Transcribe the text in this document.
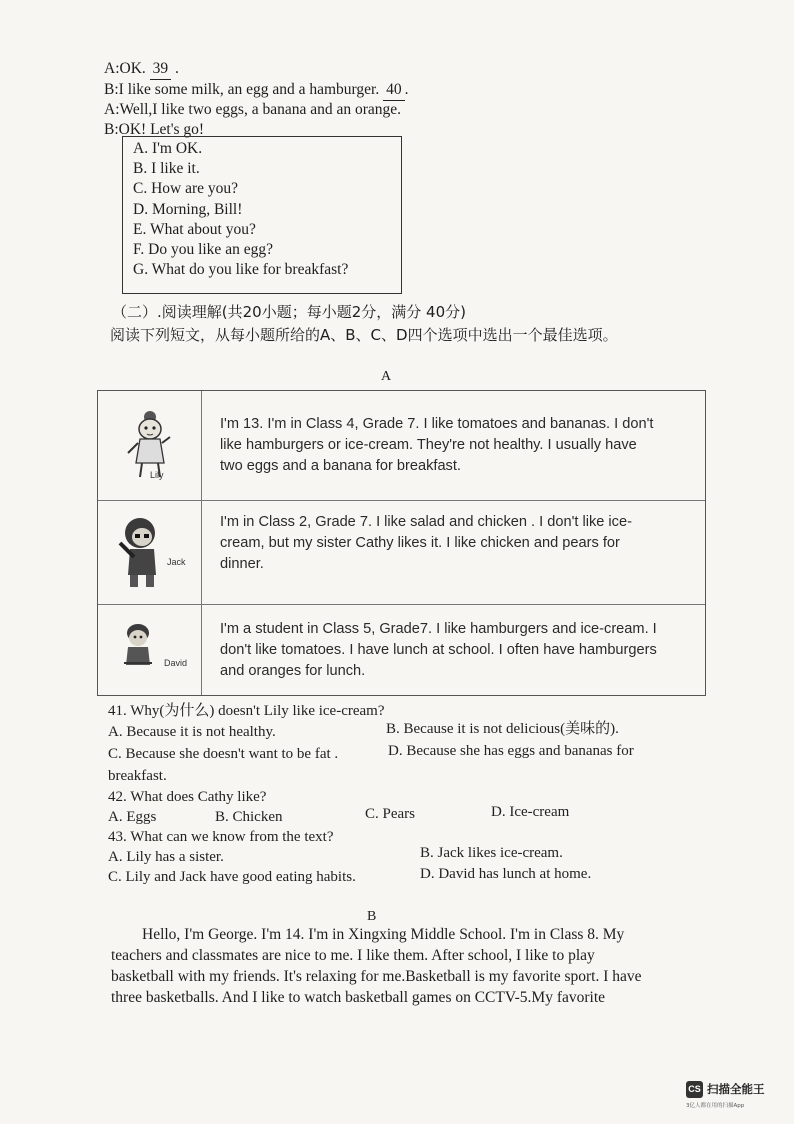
A:OK. 39 .
B:I like some milk, an egg and a hamburger. 40 .
A:Well,I like two eggs, a banana and an orange.
B:OK! Let's go!
A. I'm OK.
B. I like it.
C. How are you?
D. Morning, Bill!
E. What about you?
F. Do you like an egg?
G. What do you like for breakfast?
（二）.阅读理解(共20小题；每小题2分，满分 40分)
阅读下列短文，从每小题所给的A、B、C、D四个选项中选出一个最佳选项。
A
Lily
I'm 13. I'm in Class 4, Grade 7. I like tomatoes and bananas. I don't
like hamburgers or ice-cream. They're not healthy. I usually have
two eggs and a banana for breakfast.
Jack
I'm in Class 2, Grade 7. I like salad and chicken . I don't like ice-
cream, but my sister Cathy likes it. I like chicken and pears for
dinner.
David
I'm a student in Class 5, Grade7. I like hamburgers and ice-cream. I
don't like tomatoes. I have lunch at school. I often have hamburgers
and oranges for lunch.
41. Why(为什么) doesn't Lily like ice-cream?
A. Because it is not healthy.	B. Because it is not delicious(美味的).
C. Because she doesn't want to be fat .	D. Because she has eggs and bananas for
breakfast.
42. What does Cathy like?
A. Eggs	B. Chicken	C. Pears	D. Ice-cream
43. What can we know from the text?
A. Lily has a sister.	B. Jack likes ice-cream.
C. Lily and Jack have good eating habits.	D. David has lunch at home.
B
Hello, I'm George. I'm 14. I'm in Xingxing Middle School. I'm in Class 8. My
teachers and classmates are nice to me. I like them. After school, I like to play
basketball with my friends. It's relaxing for me.Basketball is my favorite sport. I have
three basketballs. And I like to watch basketball games on CCTV-5.My favorite
CS 扫描全能王
3亿人都在用的扫描App
